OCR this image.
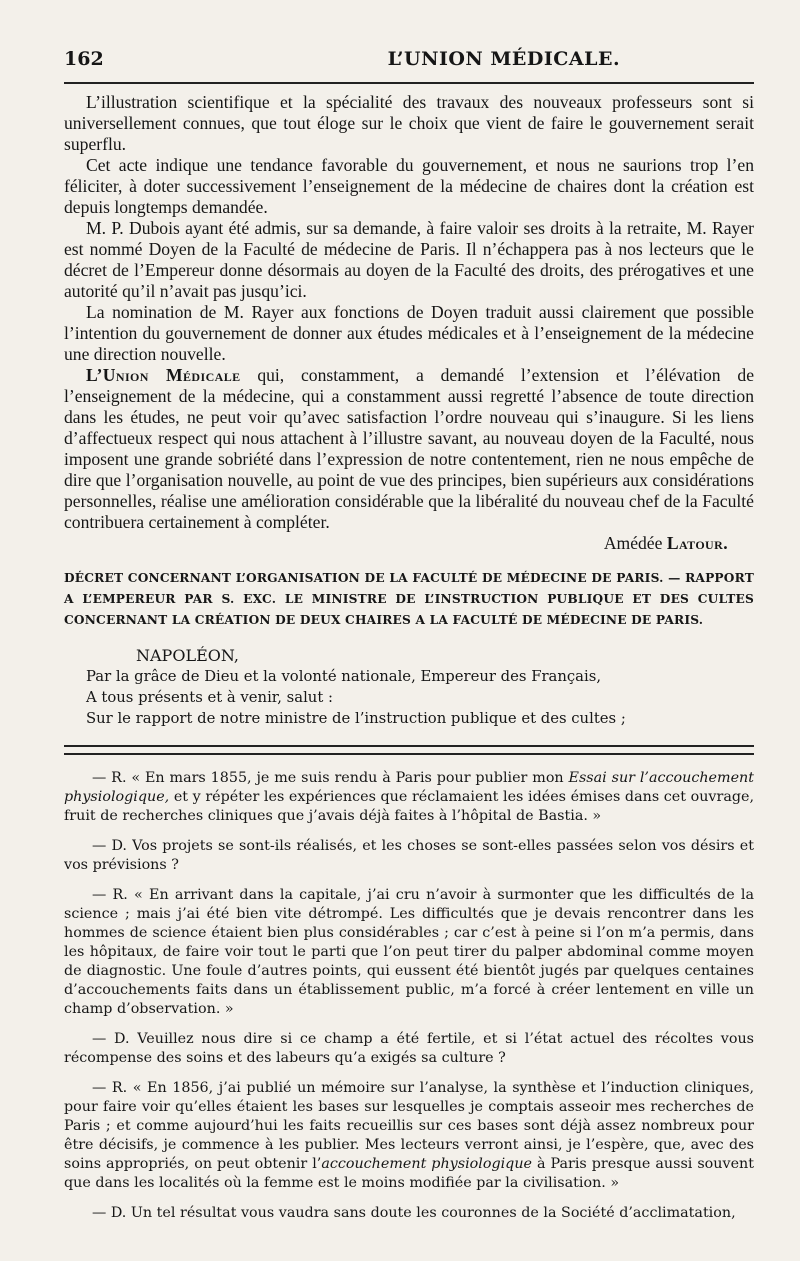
162	L’UNION MÉDICALE.

L’illustration scientifique et la spécialité des travaux des nouveaux professeurs sont si universellement connues, que tout éloge sur le choix que vient de faire le gouvernement serait superflu.

Cet acte indique une tendance favorable du gouvernement, et nous ne saurions trop l’en féliciter, à doter successivement l’enseignement de la médecine de chaires dont la création est depuis longtemps demandée.

M. P. Dubois ayant été admis, sur sa demande, à faire valoir ses droits à la retraite, M. Rayer est nommé Doyen de la Faculté de médecine de Paris. Il n’échappera pas à nos lecteurs que le décret de l’Empereur donne désormais au doyen de la Faculté des droits, des prérogatives et une autorité qu’il n’avait pas jusqu’ici.

La nomination de M. Rayer aux fonctions de Doyen traduit aussi clairement que possible l’intention du gouvernement de donner aux études médicales et à l’enseignement de la médecine une direction nouvelle.

L’Union Médicale qui, constamment, a demandé l’extension et l’élévation de l’enseignement de la médecine, qui a constamment aussi regretté l’absence de toute direction dans les études, ne peut voir qu’avec satisfaction l’ordre nouveau qui s’inaugure. Si les liens d’affectueux respect qui nous attachent à l’illustre savant, au nouveau doyen de la Faculté, nous imposent une grande sobriété dans l’expression de notre contentement, rien ne nous empêche de dire que l’organisation nouvelle, au point de vue des principes, bien supérieurs aux considérations personnelles, réalise une amélioration considérable que la libéralité du nouveau chef de la Faculté contribuera certainement à compléter.

Amédée Latour.

DÉCRET CONCERNANT L’ORGANISATION DE LA FACULTÉ DE MÉDECINE DE PARIS. — RAPPORT A L’EMPEREUR PAR S. EXC. LE MINISTRE DE L’INSTRUCTION PUBLIQUE ET DES CULTES CONCERNANT LA CRÉATION DE DEUX CHAIRES A LA FACULTÉ DE MÉDECINE DE PARIS.

NAPOLÉON,

Par la grâce de Dieu et la volonté nationale, Empereur des Français,

A tous présents et à venir, salut :

Sur le rapport de notre ministre de l’instruction publique et des cultes ;

— R. « En mars 1855, je me suis rendu à Paris pour publier mon Essai sur l’accouchement physiologique, et y répéter les expériences que réclamaient les idées émises dans cet ouvrage, fruit de recherches cliniques que j’avais déjà faites à l’hôpital de Bastia. »

— D. Vos projets se sont-ils réalisés, et les choses se sont-elles passées selon vos désirs et vos prévisions ?

— R. « En arrivant dans la capitale, j’ai cru n’avoir à surmonter que les difficultés de la science ; mais j’ai été bien vite détrompé. Les difficultés que je devais rencontrer dans les hommes de science étaient bien plus considérables ; car c’est à peine si l’on m’a permis, dans les hôpitaux, de faire voir tout le parti que l’on peut tirer du palper abdominal comme moyen de diagnostic. Une foule d’autres points, qui eussent été bientôt jugés par quelques centaines d’accouchements faits dans un établissement public, m’a forcé à créer lentement en ville un champ d’observation. »

— D. Veuillez nous dire si ce champ a été fertile, et si l’état actuel des récoltes vous récompense des soins et des labeurs qu’a exigés sa culture ?

— R. « En 1856, j’ai publié un mémoire sur l’analyse, la synthèse et l’induction cliniques, pour faire voir qu’elles étaient les bases sur lesquelles je comptais asseoir mes recherches de Paris ; et comme aujourd’hui les faits recueillis sur ces bases sont déjà assez nombreux pour être décisifs, je commence à les publier. Mes lecteurs verront ainsi, je l’espère, que, avec des soins appropriés, on peut obtenir l’accouchement physiologique à Paris presque aussi souvent que dans les localités où la femme est le moins modifiée par la civilisation. »

— D. Un tel résultat vous vaudra sans doute les couronnes de la Société d’acclimatation,
